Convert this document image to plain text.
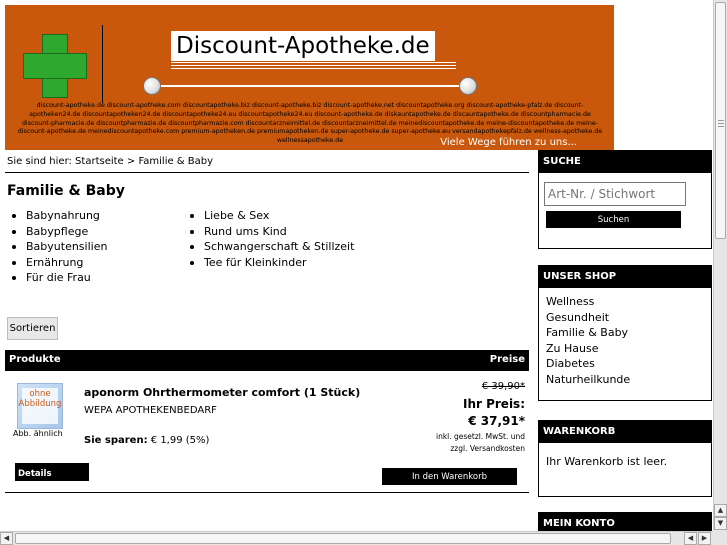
Discount-Apotheke.de
discount-apotheke.de discount-apotheke.com discountapotheke.biz discount-apotheke.biz discount-apotheke.net discountapotheke.org discount-apotheke-pfalz.de discount-apotheken24.de discountapotheken24.de discountapotheke24.eu discountapotheke24.eu discount-apotheke.de diskauntapotheke.de discauntapotheke.de discountpharmacie.de discount-pharmacie.de discountpharmazie.de discountpharmazie.com discountarzneimittel.de discountarzneimittel.de meinediscountapotheke.de meine-discountapotheke.de meine-discount-apotheke.de meinediscountapotheke.com premium-apotheken.de premiumapotheken.de super-apotheke.de super-apotheke.eu versandapothekepfalz.de wellness-apotheke.de wellnessapotheke.de	Viele Wege führen zu uns...
Sie sind hier: Startseite > Familie & Baby
Familie & Baby
Babynahrung
Babypflege
Babyutensilien
Ernährung
Für die Frau
Liebe & Sex
Rund ums Kind
Schwangerschaft & Stillzeit
Tee für Kleinkinder
Sortieren
Produkte	Preise
ohne Abbildung
Abb. ähnlich
aponorm Ohrthermometer comfort (1 Stück)
WEPA APOTHEKENBEDARF
Sie sparen: € 1,99 (5%)
€ 39,90*
Ihr Preis:
€ 37,91*
inkl. gesetzl. MwSt. und
zzgl. Versandkosten
Details	In den Warenkorb
SUCHE
Art-Nr. / Stichwort
Suchen
UNSER SHOP
Wellness
Gesundheit
Familie & Baby
Zu Hause
Diabetes
Naturheilkunde
WARENKORB
Ihr Warenkorb ist leer.
MEIN KONTO
▲
▼
◀	◀	▶
